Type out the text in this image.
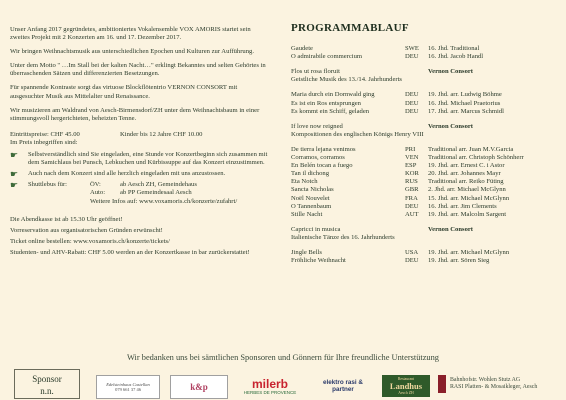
Unser Anfang 2017 gegründetes, ambitioniertes Vokalensemble VOX AMORIS startet sein zweites Projekt mit 2 Konzerten am 16. und 17. Dezember 2017.

Wir bringen Weihnachtsmusik aus unterschiedlichen Epochen und Kulturen zur Aufführung.

Unter dem Motto " …Im Stall bei der kalten Nacht…" erklingt Bekanntes und selten Gehörtes in überraschenden Sätzen und differenzierten Besetzungen.

Für spannende Kontraste sorgt das virtuose Blockflötentrio VERNON CONSORT mit ausgesuchter Musik aus Mittelalter und Renaissance.

Wir musizieren am Waldrand von Aesch-Birmensdorf/ZH unter dem Weihnachtsbaum in einer stimmungsvoll hergerichteten, beheizten Tenne.

Eintrittspreise: CHF 45.00	Kinder bis 12 Jahre CHF 10.00
Im Preis inbegriffen sind:
☛	Selbstverständlich sind Sie eingeladen, eine Stunde vor Konzertbeginn sich zusammen mit dem Samichlaus bei Punsch, Lebkuchen und Kürbissuppe auf das Konzert einzustimmen.
☛	Auch nach dem Konzert sind alle herzlich eingeladen mit uns anzustossen.
☛	Shuttlebus für:	ÖV:	ab Aesch ZH, Gemeindehaus
Auto:	ab PP Gemeindesaal Aesch
Weitere Infos auf: www.voxamoris.ch/konzerte/zufahrt/

Die Abendkasse ist ab 15.30 Uhr geöffnet!

Vorreservation aus organisatorischen Gründen erwünscht!

Ticket online bestellen: www.voxamoris.ch/konzerte/tickets/

Studenten- und AHV-Rabatt: CHF 5.00 werden an der Konzertkasse in bar zurückerstattet!

PROGRAMMABLAUF
Gaudete	SWE	16. Jhd. Traditional
O admirabile commercium	DEU	16. Jhd. Jacob Handl
Flos ut rosa floruit	Vernon Consort
Geistliche Musik des 13./14. Jahrhunderts
Maria durch ein Dornwald ging	DEU	19. Jhd. arr. Ludwig Böhme
Es ist ein Ros entsprungen	DEU	16. Jhd. Michael Praetorius
Es kommt ein Schiff, geladen	DEU	17. Jhd. arr. Marcus Schmidl
If love now reigned	Vernon Consort
Kompositionen des englischen Königs Henry VIII
De tierra lejana venimos	PRI	Traditional arr. Juan M.V.Garcia
Corramos, corramos	VEN	Traditional arr. Christoph Schönherr
En Belén tocan a fuego	ESP	19. Jhd. arr. Ernest C. i Astor
Tan il dichong	KOR	20. Jhd. arr. Johannes Mayr
Eta Notch	RUS	Traditional arr. Reiko Füting
Sancta Nicholas	GBR	2. Jhd. arr. Michael McGlynn
Noël Nouvelet	FRA	15. Jhd. arr. Michael McGlynn
O Tannenbaum	DEU	16. Jhd. arr. Jim Clements
Stille Nacht	AUT	19. Jhd. arr. Malcolm Sargent
Capricci in musica	Vernon Consort
Italienische Tänze des 16. Jahrhunderts
Jingle Bells	USA	19. Jhd. arr. Michael McGlynn
Fröhliche Weihnacht	DEU	19. Jhd. arr. Sören Sieg
Wir bedanken uns bei sämtlichen Sponsoren und Gönnern für Ihre freundliche Unterstützung
Sponsor
n.n.
Edelsteinhaus Castellan
079 661 37 46	k&p	milerb
HERBES DE PROVENCE
elektro rasi &
partner
Restaurant
Landhus
Aesch ZH
Bahnhofstr. Wohlen Stutz AG
RASI Platten- & Mosaikleger, Aesch
